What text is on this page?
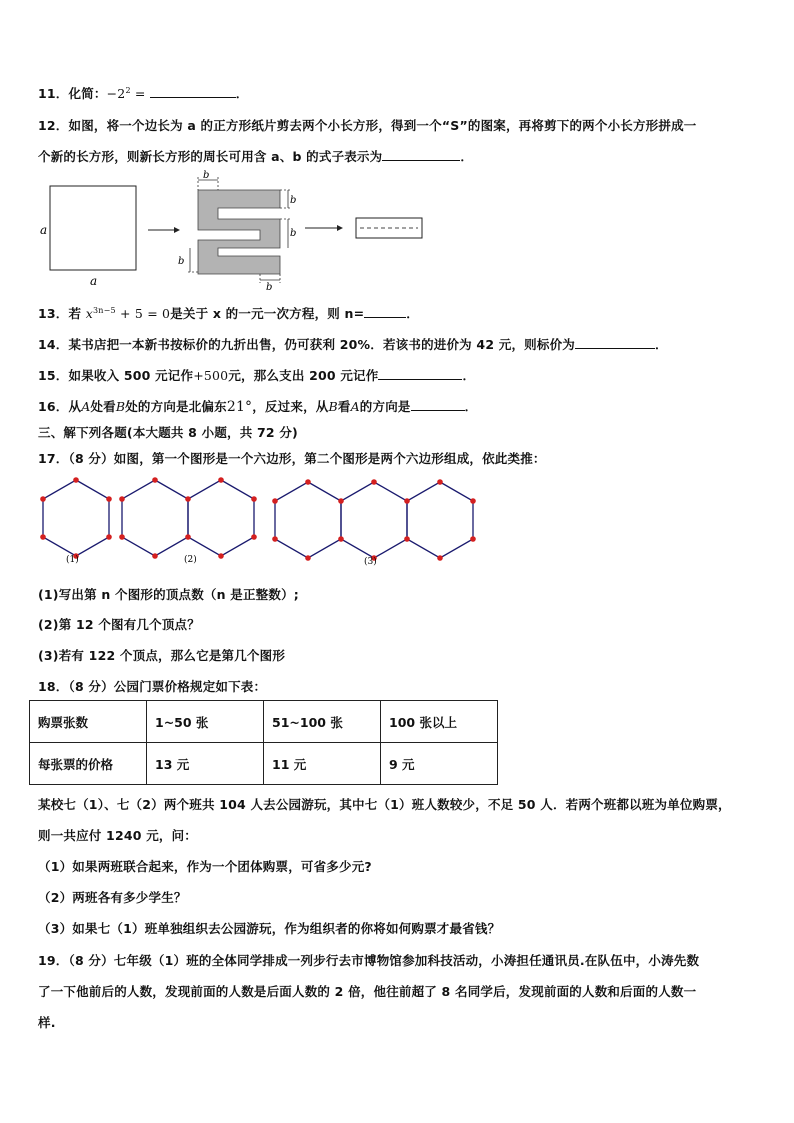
11．化简：$-2^2$ =	．
12．如图，将一个边长为 a 的正方形纸片剪去两个小长方形，得到一个“S”的图案，再将剪下的两个小长方形拼成一
个新的长方形，则新长方形的周长可用含 a、b 的式子表示为	．
a
a
b
b
b
b
b
13．若 $x^{3n-5} + 5 = 0$是关于 x 的一元一次方程，则 n=	．
14．某书店把一本新书按标价的九折出售，仍可获利 20%．若该书的进价为 42 元，则标价为	．
15．如果收入 500 元记作+500元，那么支出 200 元记作	．
16．从A处看B处的方向是北偏东21°，反过来，从B看A的方向是	．
三、解下列各题(本大题共 8 小题，共 72 分)
17．（8 分）如图，第一个图形是一个六边形，第二个图形是两个六边形组成，依此类推：
(1)	(2)	(3)
(1)写出第 n 个图形的顶点数（n 是正整数）;
(2)第 12 个图有几个顶点？
(3)若有 122 个顶点，那么它是第几个图形
18．（8 分）公园门票价格规定如下表：
购票张数	1~50 张	51~100 张	100 张以上
每张票的价格	13 元	11 元	9 元
某校七（1）、七（2）两个班共 104 人去公园游玩，其中七（1）班人数较少，不足 50 人．若两个班都以班为单位购票，
则一共应付 1240 元，问：
（1）如果两班联合起来，作为一个团体购票，可省多少元?
（2）两班各有多少学生？
（3）如果七（1）班单独组织去公园游玩，作为组织者的你将如何购票才最省钱？
19．（8 分）七年级（1）班的全体同学排成一列步行去市博物馆参加科技活动，小涛担任通讯员.在队伍中，小涛先数
了一下他前后的人数，发现前面的人数是后面人数的 2 倍，他往前超了 8 名同学后，发现前面的人数和后面的人数一
样.
